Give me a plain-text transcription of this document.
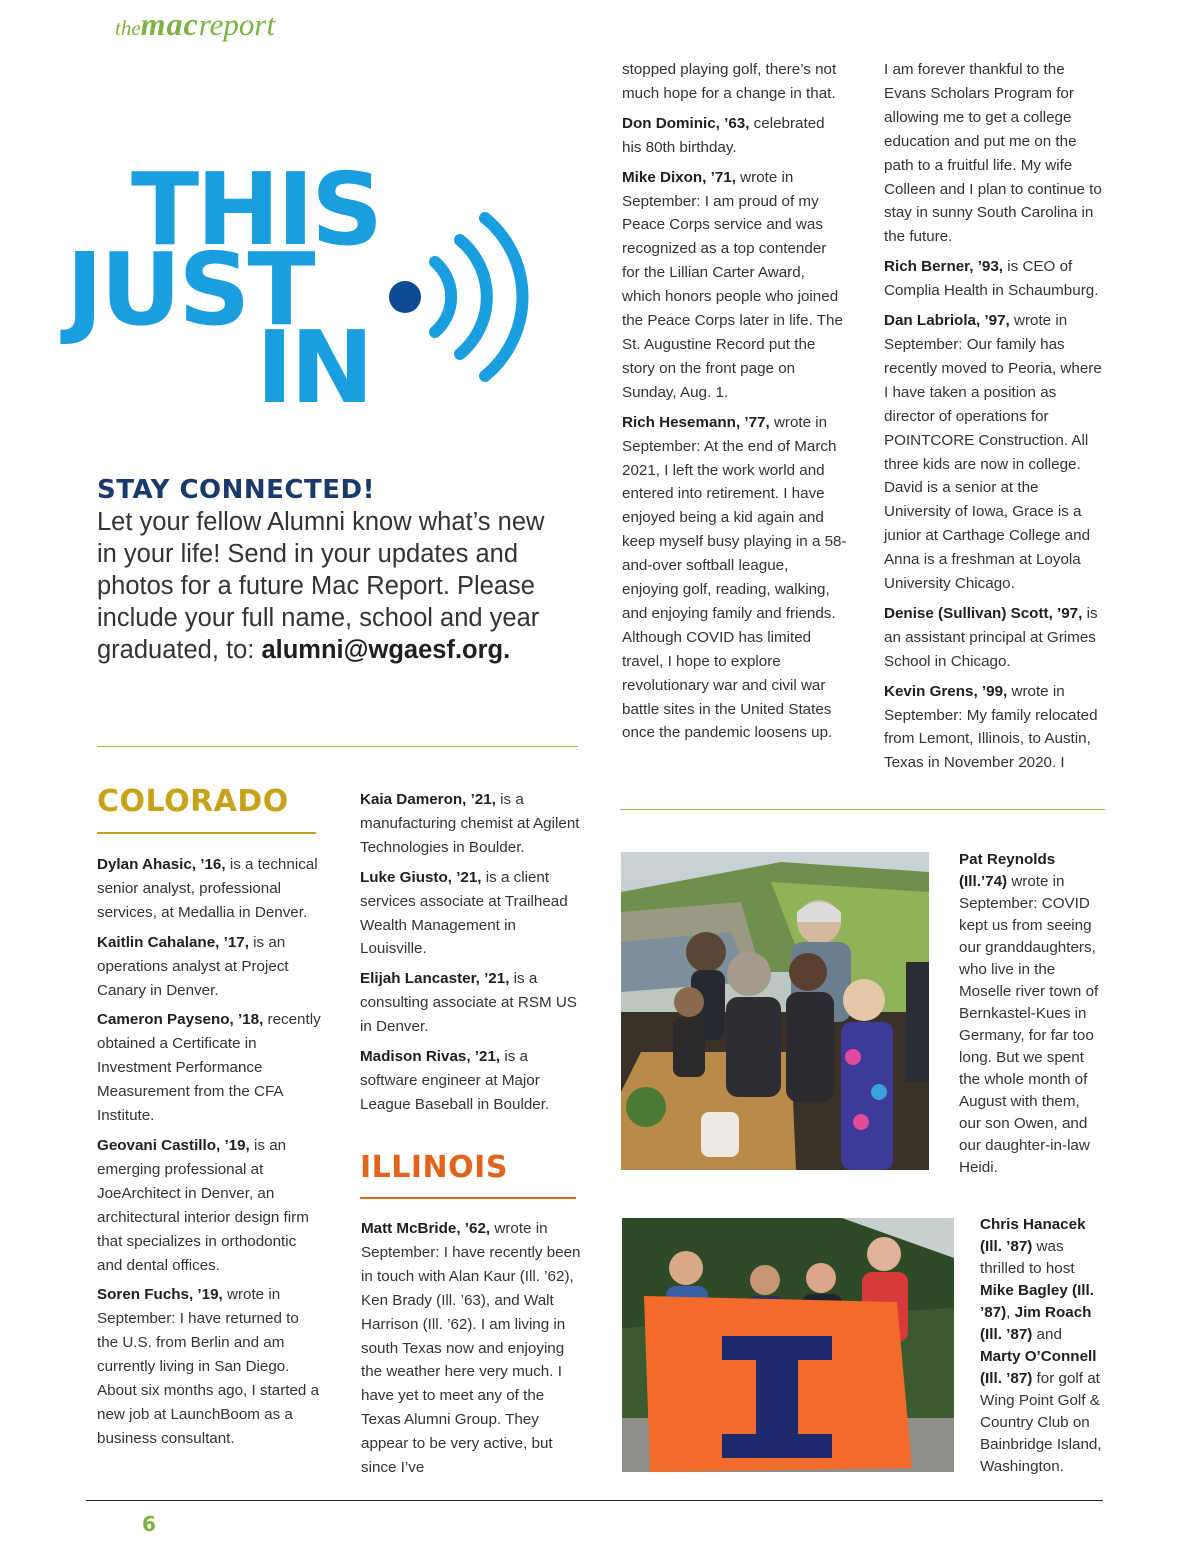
themacreport
THIS
JUST
IN
STAY CONNECTED!
Let your fellow Alumni know what’s new in your life! Send in your updates and photos for a future Mac Report. Please include your full name, school and year graduated, to: alumni@wgaesf.org.

stopped playing golf, there’s not much hope for a change in that.

Don Dominic, ’63, celebrated his 80th birthday.

Mike Dixon, ’71, wrote in September: I am proud of my Peace Corps service and was recognized as a top contender for the Lillian Carter Award, which honors people who joined the Peace Corps later in life. The St. Augustine Record put the story on the front page on Sunday, Aug. 1.

Rich Hesemann, ’77, wrote in September: At the end of March 2021, I left the work world and entered into retirement. I have enjoyed being a kid again and keep myself busy playing in a 58-and-over softball league, enjoying golf, reading, walking, and enjoying family and friends. Although COVID has limited travel, I hope to explore revolutionary war and civil war battle sites in the United States once the pandemic loosens up.

I am forever thankful to the Evans Scholars Program for allowing me to get a college education and put me on the path to a fruitful life. My wife Colleen and I plan to continue to stay in sunny South Carolina in the future.

Rich Berner, ’93, is CEO of Complia Health in Schaumburg.

Dan Labriola, ’97, wrote in September: Our family has recently moved to Peoria, where I have taken a position as director of operations for POINTCORE Construction. All three kids are now in college. David is a senior at the University of Iowa, Grace is a junior at Carthage College and Anna is a freshman at Loyola University Chicago.

Denise (Sullivan) Scott, ’97, is an assistant principal at Grimes School in Chicago.

Kevin Grens, ’99, wrote in September: My family relocated from Lemont, Illinois, to Austin, Texas in November 2020. I

COLORADO

Dylan Ahasic, ’16, is a technical senior analyst, professional services, at Medallia in Denver.

Kaitlin Cahalane, ’17, is an operations analyst at Project Canary in Denver.

Cameron Payseno, ’18, recently obtained a Certificate in Investment Performance Measurement from the CFA Institute.

Geovani Castillo, ’19, is an emerging professional at JoeArchitect in Denver, an architectural interior design firm that specializes in orthodontic and dental offices.

Soren Fuchs, ’19, wrote in September: I have returned to the U.S. from Berlin and am currently living in San Diego. About six months ago, I started a new job at LaunchBoom as a business consultant.

Kaia Dameron, ’21, is a manufacturing chemist at Agilent Technologies in Boulder.

Luke Giusto, ’21, is a client services associate at Trailhead Wealth Management in Louisville.

Elijah Lancaster, ’21, is a consulting associate at RSM US in Denver.

Madison Rivas, ’21, is a software engineer at Major League Baseball in Boulder.

ILLINOIS

Matt McBride, ’62, wrote in September: I have recently been in touch with Alan Kaur (Ill. ’62), Ken Brady (Ill. ’63), and Walt Harrison (Ill. ’62). I am living in south Texas now and enjoying the weather here very much. I have yet to meet any of the Texas Alumni Group. They appear to be very active, but since I’ve

Pat Reynolds (Ill.’74) wrote in September: COVID kept us from seeing our granddaughters, who live in the Moselle river town of Bernkastel-Kues in Germany, for far too long. But we spent the whole month of August with them, our son Owen, and our daughter-in-law Heidi.
Chris Hanacek (Ill. ’87) was thrilled to host Mike Bagley (Ill. ’87), Jim Roach (Ill. ’87) and Marty O’Connell (Ill. ’87) for golf at Wing Point Golf & Country Club on Bainbridge Island, Washington.
6
